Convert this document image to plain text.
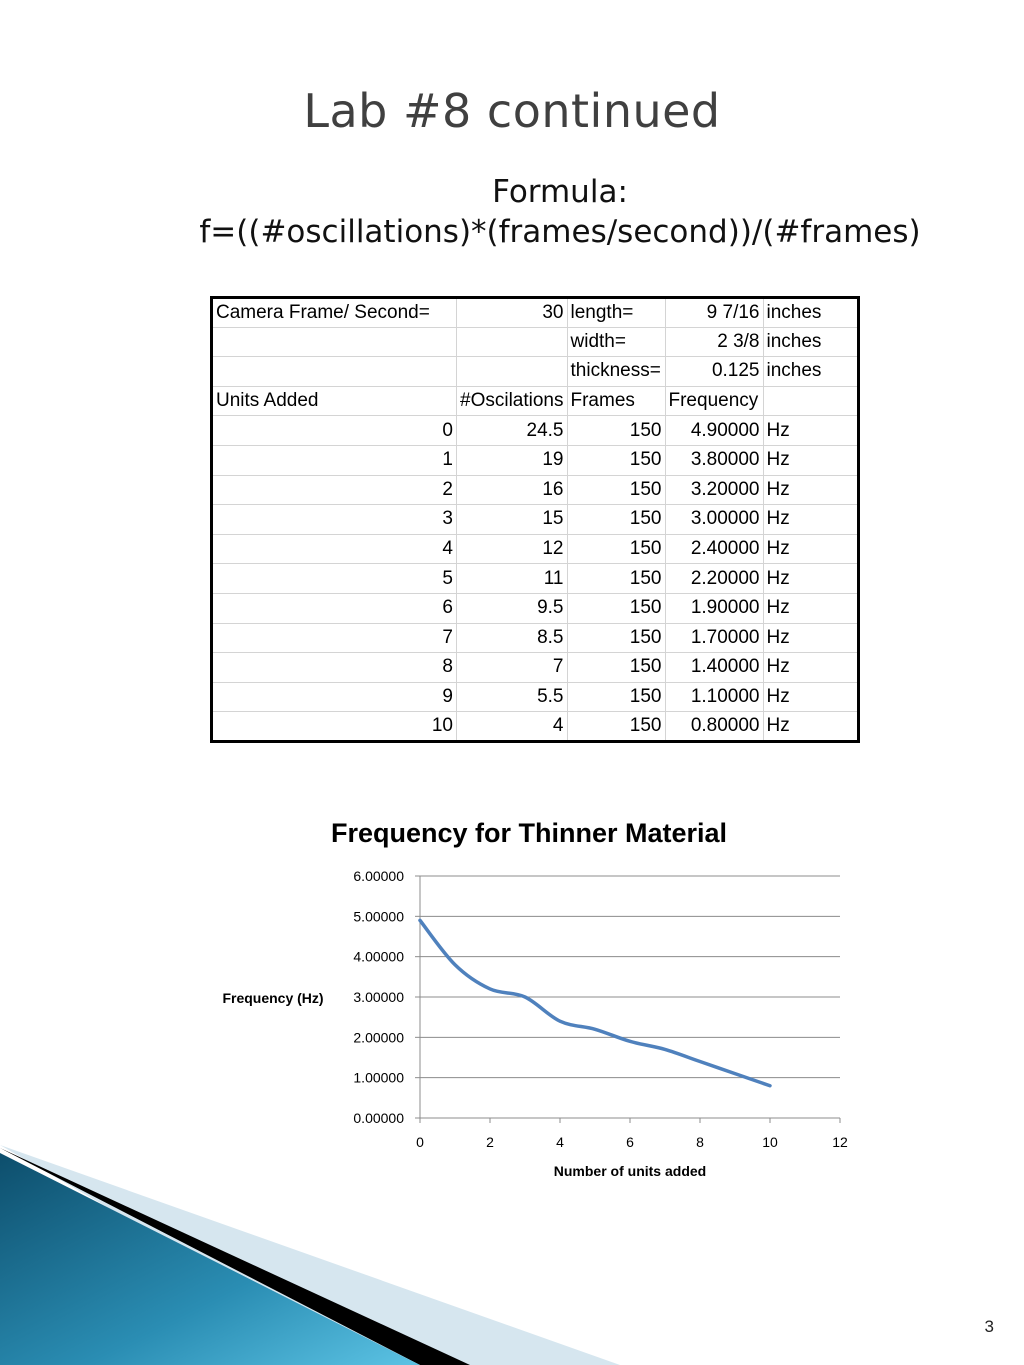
Lab #8 continued
Formula:
f=((#oscillations)*(frames/second))/(#frames)
Camera Frame/ Second=	30	length=	9 7/16	inches
		width=	2 3/8	inches
		thickness=	0.125	inches
Units Added	#Oscilations	Frames	Frequency	
0	24.5	150	4.90000	Hz
1	19	150	3.80000	Hz
2	16	150	3.20000	Hz
3	15	150	3.00000	Hz
4	12	150	2.40000	Hz
5	11	150	2.20000	Hz
6	9.5	150	1.90000	Hz
7	8.5	150	1.70000	Hz
8	7	150	1.40000	Hz
9	5.5	150	1.10000	Hz
10	4	150	0.80000	Hz
Frequency for Thinner Material
Frequency (Hz)
Number of units added
0.00000
1.00000
2.00000
3.00000
4.00000
5.00000
6.00000
0	2	4	6	8	10	12
3
